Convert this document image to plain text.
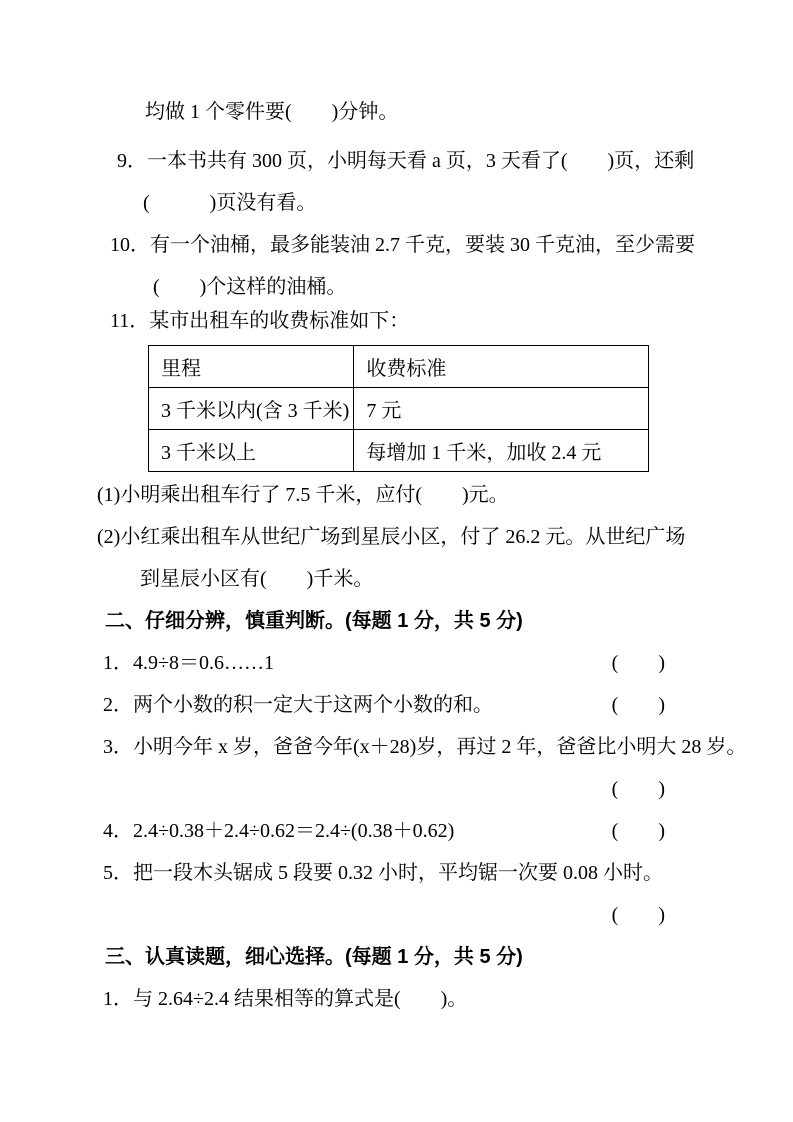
均做 1 个零件要(　　)分钟。
9．一本书共有 300 页，小明每天看 a 页，3 天看了(　　)页，还剩
(　　　)页没有看。
10．有一个油桶，最多能装油 2.7 千克，要装 30 千克油，至少需要
(　　)个这样的油桶。
11．某市出租车的收费标准如下：
里程	收费标准
3 千米以内(含 3 千米)	7 元
3 千米以上	每增加 1 千米，加收 2.4 元
(1)小明乘出租车行了 7.5 千米，应付(　　)元。
(2)小红乘出租车从世纪广场到星辰小区，付了 26.2 元。从世纪广场
到星辰小区有(　　)千米。
二、仔细分辨，慎重判断。(每题 1 分，共 5 分)
1．4.9÷8＝0.6……1	(　　)
2．两个小数的积一定大于这两个小数的和。	(　　)
3．小明今年 x 岁，爸爸今年(x＋28)岁，再过 2 年，爸爸比小明大 28 岁。
(　　)
4．2.4÷0.38＋2.4÷0.62＝2.4÷(0.38＋0.62)	(　　)
5．把一段木头锯成 5 段要 0.32 小时，平均锯一次要 0.08 小时。
(　　)
三、认真读题，细心选择。(每题 1 分，共 5 分)
1．与 2.64÷2.4 结果相等的算式是(　　)。
